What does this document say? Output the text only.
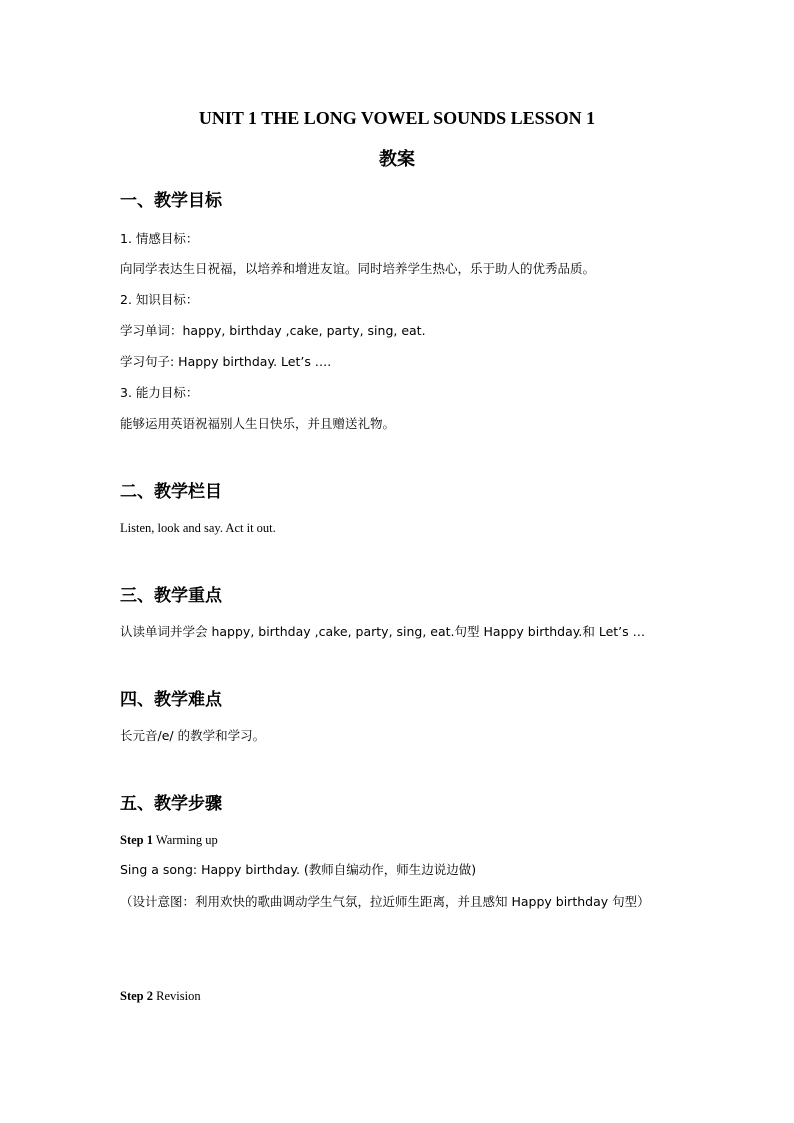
UNIT 1 THE LONG VOWEL SOUNDS LESSON 1
教案
一、教学目标
1. 情感目标：
向同学表达生日祝福，以培养和增进友谊。同时培养学生热心，乐于助人的优秀品质。
2. 知识目标：
学习单词：happy, birthday ,cake, party, sing, eat.
学习句子: Happy birthday. Let’s ….
3. 能力目标：
能够运用英语祝福别人生日快乐，并且赠送礼物。
二、教学栏目
Listen, look and say. Act it out.
三、教学重点
认读单词并学会 happy, birthday ,cake, party, sing, eat.句型 Happy birthday.和 Let’s …
四、教学难点
长元音/e/ 的教学和学习。
五、教学步骤
Step 1 Warming up
Sing a song: Happy birthday. (教师自编动作，师生边说边做)
（设计意图：利用欢快的歌曲调动学生气氛，拉近师生距离，并且感知 Happy birthday 句型）
Step 2 Revision
